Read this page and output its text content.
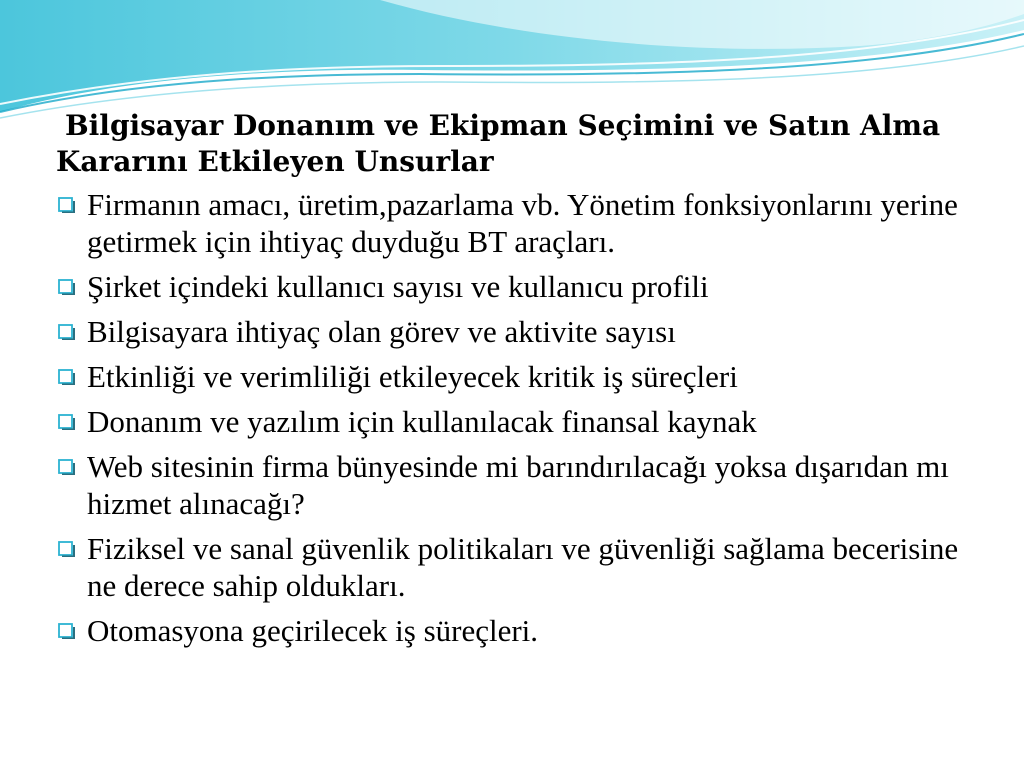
Bilgisayar Donanım ve Ekipman Seçimini ve Satın Alma Kararını Etkileyen Unsurlar
Firmanın amacı, üretim,pazarlama vb. Yönetim fonksiyonlarını yerine getirmek için ihtiyaç duyduğu BT araçları.
Şirket içindeki kullanıcı sayısı ve kullanıcu profili
Bilgisayara ihtiyaç olan görev ve aktivite sayısı
Etkinliği ve verimliliği etkileyecek kritik iş süreçleri
Donanım ve yazılım için kullanılacak finansal kaynak
Web sitesinin firma bünyesinde mi barındırılacağı yoksa dışarıdan mı hizmet alınacağı?
Fiziksel ve sanal güvenlik politikaları ve güvenliği sağlama becerisine ne derece sahip oldukları.
Otomasyona geçirilecek iş süreçleri.
